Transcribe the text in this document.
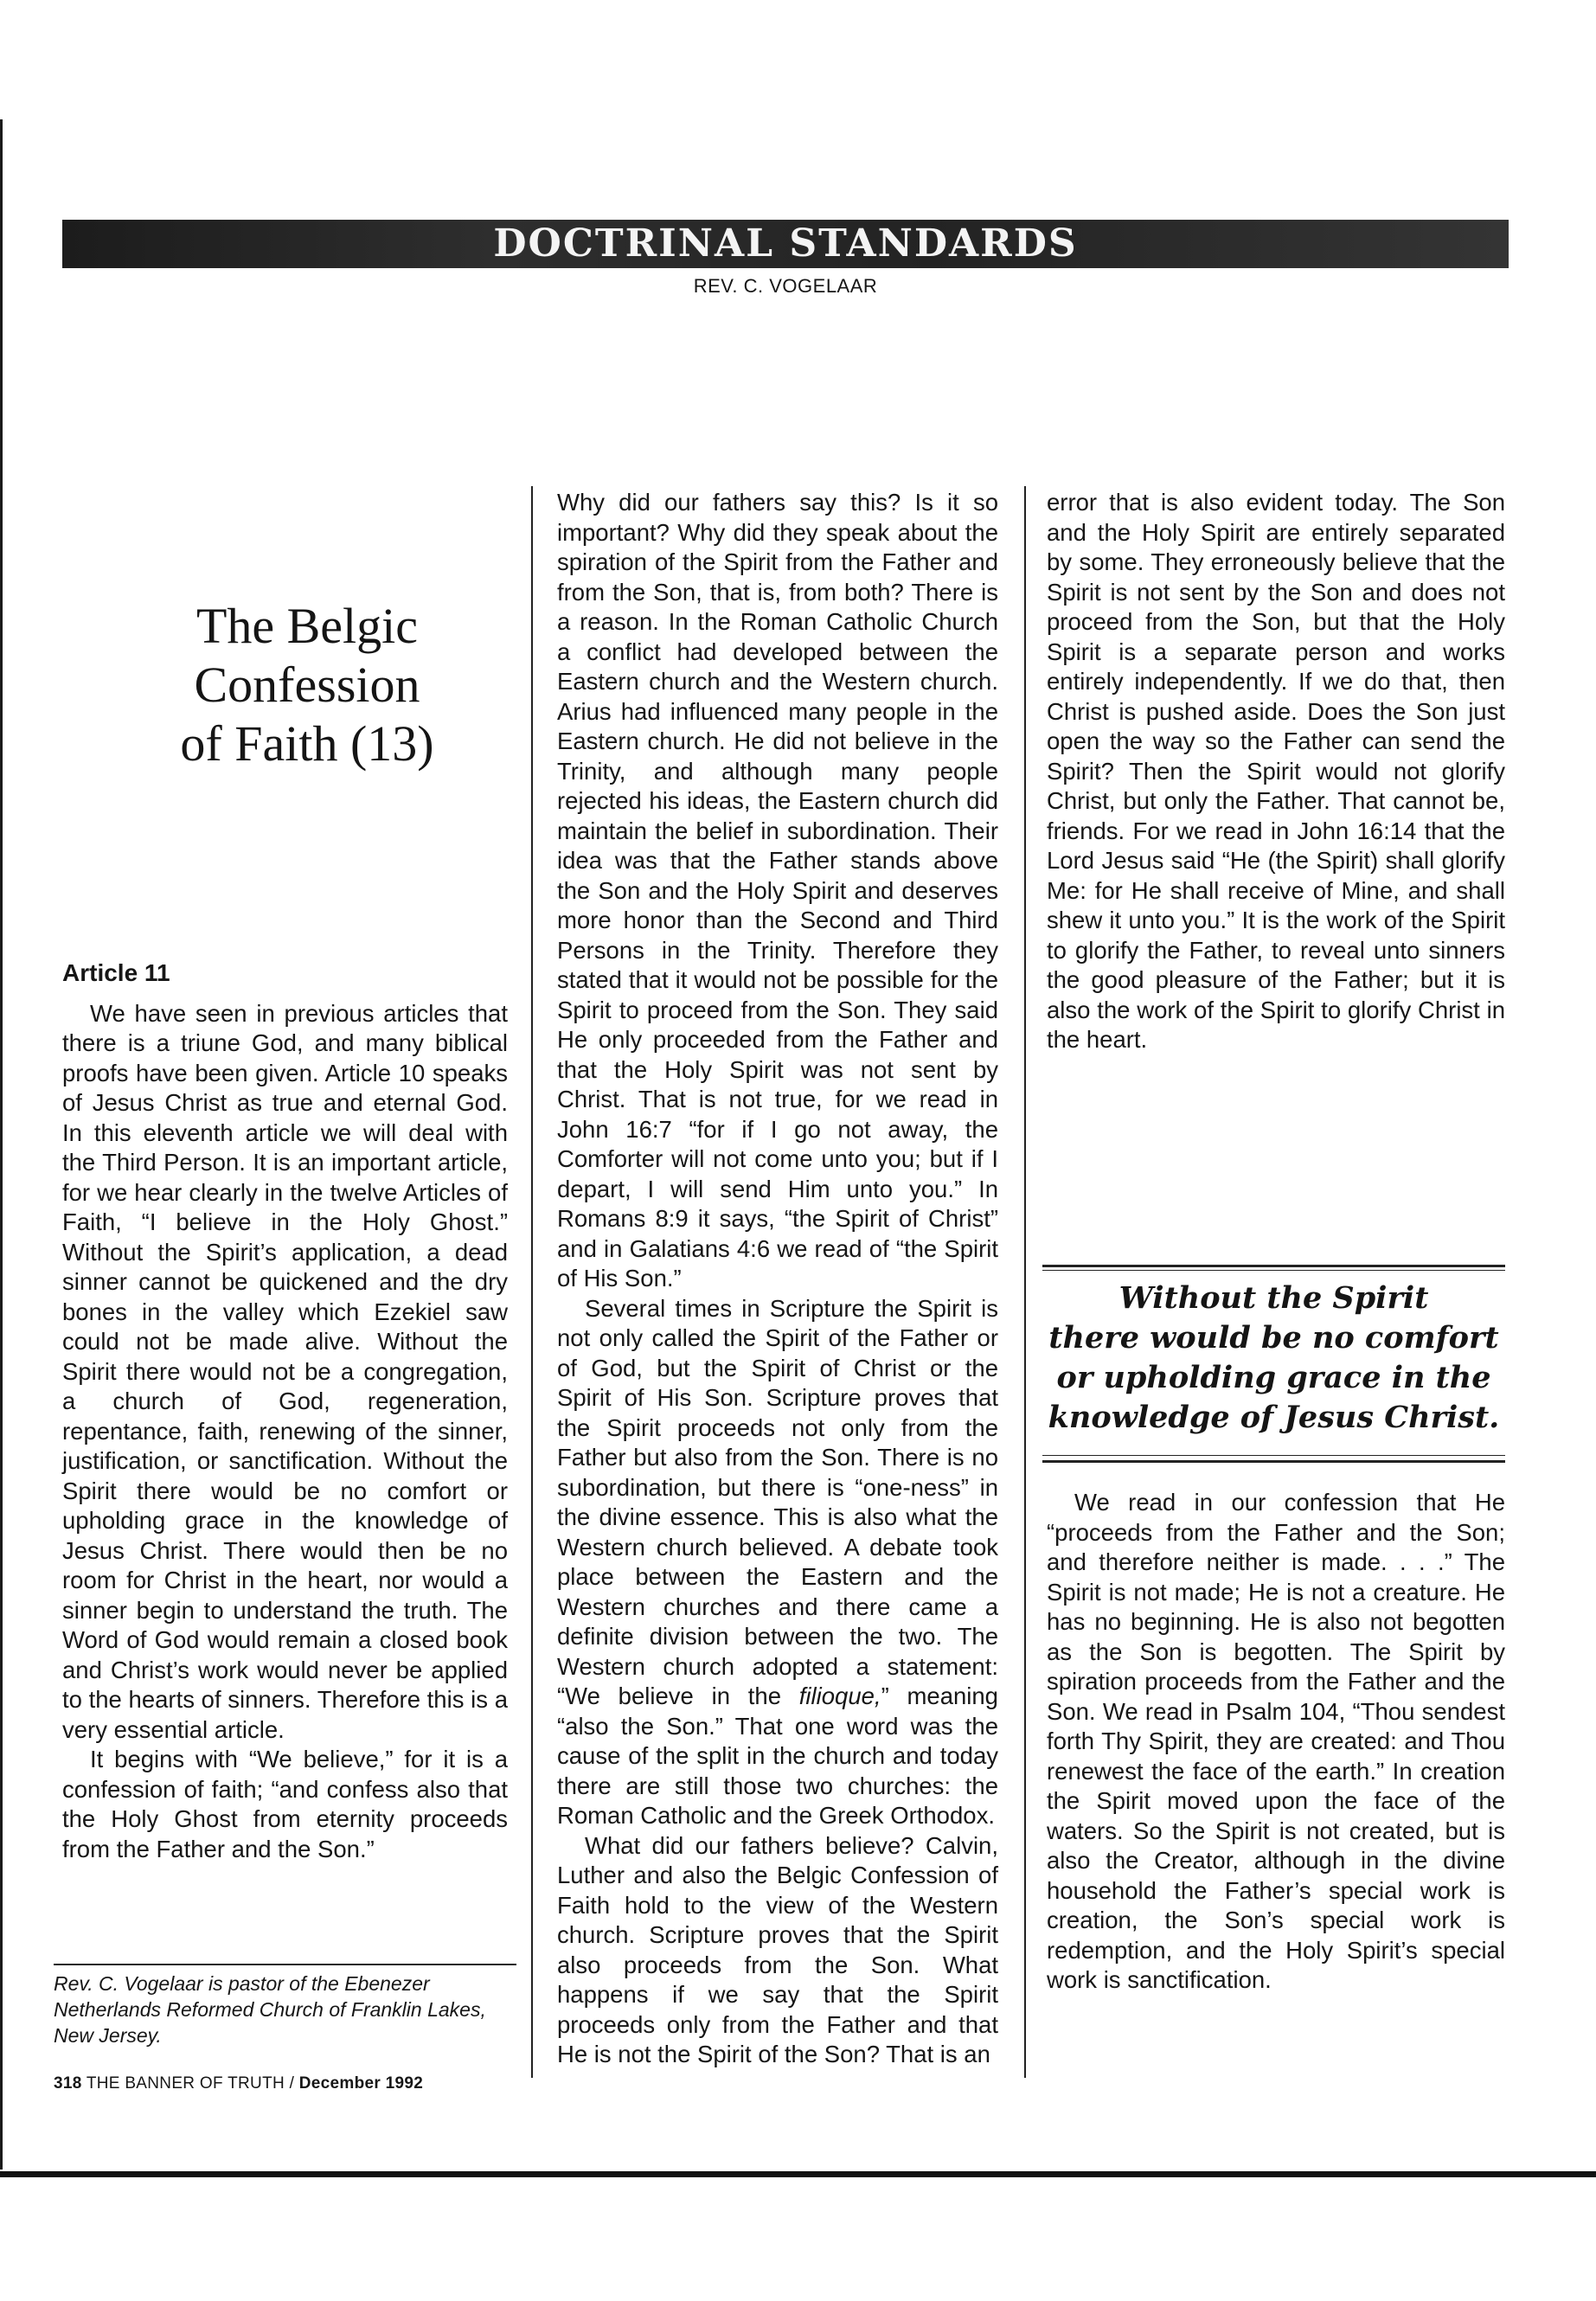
DOCTRINAL STANDARDS
REV. C. VOGELAAR
The Belgic
Confession
of Faith (13)
Article 11

We have seen in previous articles that there is a triune God, and many biblical proofs have been given. Article 10 speaks of Jesus Christ as true and eternal God. In this eleventh article we will deal with the Third Person. It is an important article, for we hear clearly in the twelve Articles of Faith, “I believe in the Holy Ghost.” Without the Spirit’s application, a dead sinner cannot be quickened and the dry bones in the valley which Ezekiel saw could not be made alive. Without the Spirit there would not be a congregation, a church of God, regeneration, repentance, faith, renewing of the sinner, justification, or sanctification. Without the Spirit there would be no comfort or upholding grace in the knowledge of Jesus Christ. There would then be no room for Christ in the heart, nor would a sinner begin to understand the truth. The Word of God would remain a closed book and Christ’s work would never be applied to the hearts of sinners. Therefore this is a very essential article.

It begins with “We believe,” for it is a confession of faith; “and confess also that the Holy Ghost from eternity proceeds from the Father and the Son.”

Rev. C. Vogelaar is pastor of the Ebenezer Netherlands Reformed Church of Franklin Lakes, New Jersey.

Why did our fathers say this? Is it so important? Why did they speak about the spiration of the Spirit from the Father and from the Son, that is, from both? There is a reason. In the Roman Catholic Church a conflict had developed between the Eastern church and the Western church. Arius had influenced many people in the Eastern church. He did not believe in the Trinity, and although many people rejected his ideas, the Eastern church did maintain the belief in subordination. Their idea was that the Father stands above the Son and the Holy Spirit and deserves more honor than the Second and Third Persons in the Trinity. Therefore they stated that it would not be possible for the Spirit to proceed from the Son. They said He only proceeded from the Father and that the Holy Spirit was not sent by Christ. That is not true, for we read in John 16:7 “for if I go not away, the Comforter will not come unto you; but if I depart, I will send Him unto you.” In Romans 8:9 it says, “the Spirit of Christ” and in Galatians 4:6 we read of “the Spirit of His Son.”

Several times in Scripture the Spirit is not only called the Spirit of the Father or of God, but the Spirit of Christ or the Spirit of His Son. Scripture proves that the Spirit proceeds not only from the Father but also from the Son. There is no subordination, but there is “one-ness” in the divine essence. This is also what the Western church believed. A debate took place between the Eastern and the Western churches and there came a definite division between the two. The Western church adopted a statement: “We believe in the filioque,” meaning “also the Son.” That one word was the cause of the split in the church and today there are still those two churches: the Roman Catholic and the Greek Orthodox.

What did our fathers believe? Calvin, Luther and also the Belgic Confession of Faith hold to the view of the Western church. Scripture proves that the Spirit also proceeds from the Son. What happens if we say that the Spirit proceeds only from the Father and that He is not the Spirit of the Son? That is an

error that is also evident today. The Son and the Holy Spirit are entirely separated by some. They erroneously believe that the Spirit is not sent by the Son and does not proceed from the Son, but that the Holy Spirit is a separate person and works entirely independently. If we do that, then Christ is pushed aside. Does the Son just open the way so the Father can send the Spirit? Then the Spirit would not glorify Christ, but only the Father. That cannot be, friends. For we read in John 16:14 that the Lord Jesus said “He (the Spirit) shall glorify Me: for He shall receive of Mine, and shall shew it unto you.” It is the work of the Spirit to glorify the Father, to reveal unto sinners the good pleasure of the Father; but it is also the work of the Spirit to glorify Christ in the heart.

Without the Spirit
there would be no comfort
or upholding grace in the
knowledge of Jesus Christ.

We read in our confession that He “proceeds from the Father and the Son; and therefore neither is made. . . .” The Spirit is not made; He is not a creature. He has no beginning. He is also not begotten as the Son is begotten. The Spirit by spiration proceeds from the Father and the Son. We read in Psalm 104, “Thou sendest forth Thy Spirit, they are created: and Thou renewest the face of the earth.” In creation the Spirit moved upon the face of the waters. So the Spirit is not created, but is also the Creator, although in the divine household the Father’s special work is creation, the Son’s special work is redemption, and the Holy Spirit’s special work is sanctification.

318 THE BANNER OF TRUTH / December 1992
